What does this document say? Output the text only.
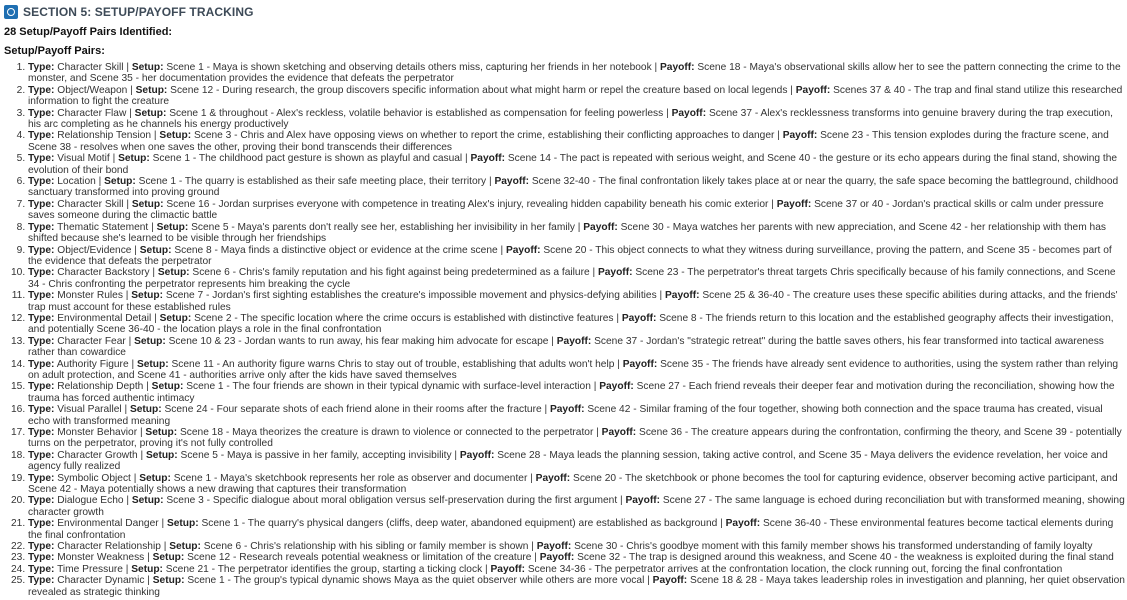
SECTION 5: SETUP/PAYOFF TRACKING
28 Setup/Payoff Pairs Identified:
Setup/Payoff Pairs:
1. Type: Character Skill | Setup: Scene 1 - Maya is shown sketching and observing details others miss, capturing her friends in her notebook | Payoff: Scene 18 - Maya's observational skills allow her to see the pattern connecting the crime to the monster, and Scene 35 - her documentation provides the evidence that defeats the perpetrator
2. Type: Object/Weapon | Setup: Scene 12 - During research, the group discovers specific information about what might harm or repel the creature based on local legends | Payoff: Scenes 37 & 40 - The trap and final stand utilize this researched information to fight the creature
3. Type: Character Flaw | Setup: Scene 1 & throughout - Alex's reckless, volatile behavior is established as compensation for feeling powerless | Payoff: Scene 37 - Alex's recklessness transforms into genuine bravery during the trap execution, his arc completing as he channels his energy productively
4. Type: Relationship Tension | Setup: Scene 3 - Chris and Alex have opposing views on whether to report the crime, establishing their conflicting approaches to danger | Payoff: Scene 23 - This tension explodes during the fracture scene, and Scene 38 - resolves when one saves the other, proving their bond transcends their differences
5. Type: Visual Motif | Setup: Scene 1 - The childhood pact gesture is shown as playful and casual | Payoff: Scene 14 - The pact is repeated with serious weight, and Scene 40 - the gesture or its echo appears during the final stand, showing the evolution of their bond
6. Type: Location | Setup: Scene 1 - The quarry is established as their safe meeting place, their territory | Payoff: Scene 32-40 - The final confrontation likely takes place at or near the quarry, the safe space becoming the battleground, childhood sanctuary transformed into proving ground
7. Type: Character Skill | Setup: Scene 16 - Jordan surprises everyone with competence in treating Alex's injury, revealing hidden capability beneath his comic exterior | Payoff: Scene 37 or 40 - Jordan's practical skills or calm under pressure saves someone during the climactic battle
8. Type: Thematic Statement | Setup: Scene 5 - Maya's parents don't really see her, establishing her invisibility in her family | Payoff: Scene 30 - Maya watches her parents with new appreciation, and Scene 42 - her relationship with them has shifted because she's learned to be visible through her friendships
9. Type: Object/Evidence | Setup: Scene 8 - Maya finds a distinctive object or evidence at the crime scene | Payoff: Scene 20 - This object connects to what they witness during surveillance, proving the pattern, and Scene 35 - becomes part of the evidence that defeats the perpetrator
10. Type: Character Backstory | Setup: Scene 6 - Chris's family reputation and his fight against being predetermined as a failure | Payoff: Scene 23 - The perpetrator's threat targets Chris specifically because of his family connections, and Scene 34 - Chris confronting the perpetrator represents him breaking the cycle
11. Type: Monster Rules | Setup: Scene 7 - Jordan's first sighting establishes the creature's impossible movement and physics-defying abilities | Payoff: Scene 25 & 36-40 - The creature uses these specific abilities during attacks, and the friends' trap must account for these established rules
12. Type: Environmental Detail | Setup: Scene 2 - The specific location where the crime occurs is established with distinctive features | Payoff: Scene 8 - The friends return to this location and the established geography affects their investigation, and potentially Scene 36-40 - the location plays a role in the final confrontation
13. Type: Character Fear | Setup: Scene 10 & 23 - Jordan wants to run away, his fear making him advocate for escape | Payoff: Scene 37 - Jordan's "strategic retreat" during the battle saves others, his fear transformed into tactical awareness rather than cowardice
14. Type: Authority Figure | Setup: Scene 11 - An authority figure warns Chris to stay out of trouble, establishing that adults won't help | Payoff: Scene 35 - The friends have already sent evidence to authorities, using the system rather than relying on adult protection, and Scene 41 - authorities arrive only after the kids have saved themselves
15. Type: Relationship Depth | Setup: Scene 1 - The four friends are shown in their typical dynamic with surface-level interaction | Payoff: Scene 27 - Each friend reveals their deeper fear and motivation during the reconciliation, showing how the trauma has forced authentic intimacy
16. Type: Visual Parallel | Setup: Scene 24 - Four separate shots of each friend alone in their rooms after the fracture | Payoff: Scene 42 - Similar framing of the four together, showing both connection and the space trauma has created, visual echo with transformed meaning
17. Type: Monster Behavior | Setup: Scene 18 - Maya theorizes the creature is drawn to violence or connected to the perpetrator | Payoff: Scene 36 - The creature appears during the confrontation, confirming the theory, and Scene 39 - potentially turns on the perpetrator, proving it's not fully controlled
18. Type: Character Growth | Setup: Scene 5 - Maya is passive in her family, accepting invisibility | Payoff: Scene 28 - Maya leads the planning session, taking active control, and Scene 35 - Maya delivers the evidence revelation, her voice and agency fully realized
19. Type: Symbolic Object | Setup: Scene 1 - Maya's sketchbook represents her role as observer and documenter | Payoff: Scene 20 - The sketchbook or phone becomes the tool for capturing evidence, observer becoming active participant, and Scene 42 - Maya potentially shows a new drawing that captures their transformation
20. Type: Dialogue Echo | Setup: Scene 3 - Specific dialogue about moral obligation versus self-preservation during the first argument | Payoff: Scene 27 - The same language is echoed during reconciliation but with transformed meaning, showing character growth
21. Type: Environmental Danger | Setup: Scene 1 - The quarry's physical dangers (cliffs, deep water, abandoned equipment) are established as background | Payoff: Scene 36-40 - These environmental features become tactical elements during the final confrontation
22. Type: Character Relationship | Setup: Scene 6 - Chris's relationship with his sibling or family member is shown | Payoff: Scene 30 - Chris's goodbye moment with this family member shows his transformed understanding of family loyalty
23. Type: Monster Weakness | Setup: Scene 12 - Research reveals potential weakness or limitation of the creature | Payoff: Scene 32 - The trap is designed around this weakness, and Scene 40 - the weakness is exploited during the final stand
24. Type: Time Pressure | Setup: Scene 21 - The perpetrator identifies the group, starting a ticking clock | Payoff: Scene 34-36 - The perpetrator arrives at the confrontation location, the clock running out, forcing the final confrontation
25. Type: Character Dynamic | Setup: Scene 1 - The group's typical dynamic shows Maya as the quiet observer while others are more vocal | Payoff: Scene 18 & 28 - Maya takes leadership roles in investigation and planning, her quiet observation revealed as strategic thinking
